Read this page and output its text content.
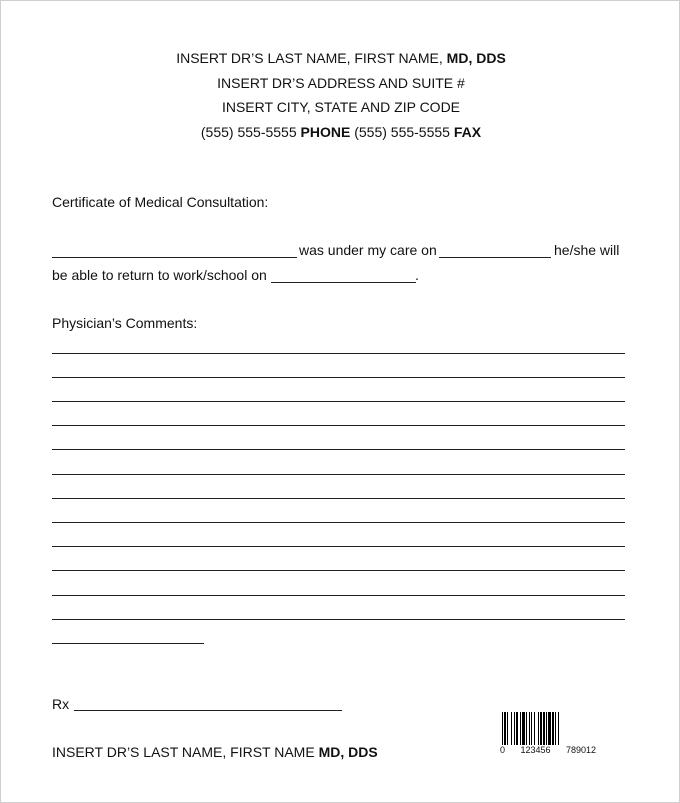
INSERT DR’S LAST NAME, FIRST NAME, MD, DDS
INSERT DR’S ADDRESS AND SUITE #
INSERT CITY, STATE AND ZIP CODE
(555) 555-5555 PHONE (555) 555-5555 FAX
Certificate of Medical Consultation:
was under my care on	he/she will
be able to return to work/school on	.
Physician’s Comments:
Rx
INSERT DR’S LAST NAME, FIRST NAME MD, DDS	0 123456 789012
